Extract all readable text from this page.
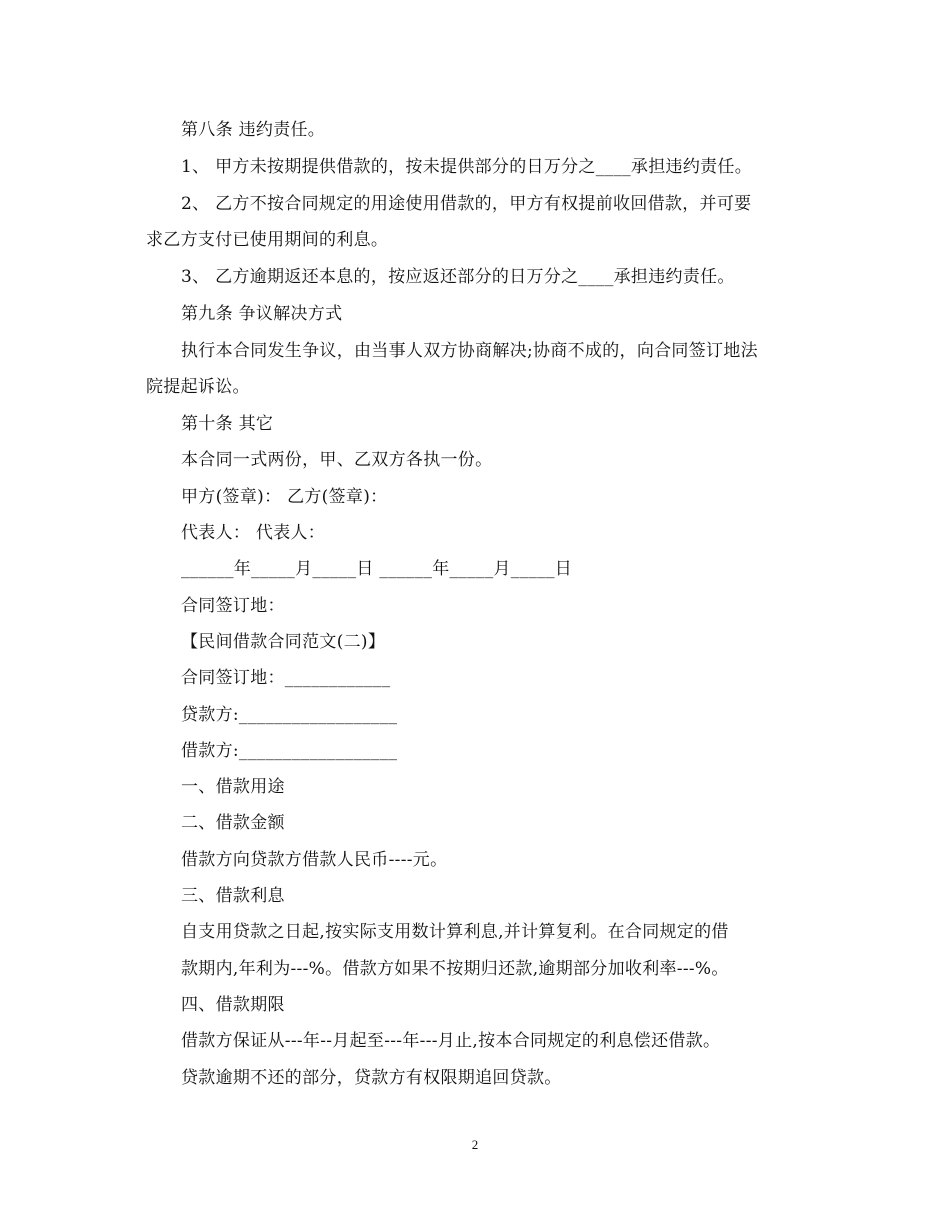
第八条 违约责任。
1、 甲方未按期提供借款的，按未提供部分的日万分之____承担违约责任。
2、 乙方不按合同规定的用途使用借款的，甲方有权提前收回借款，并可要
求乙方支付已使用期间的利息。
3、 乙方逾期返还本息的，按应返还部分的日万分之____承担违约责任。
第九条 争议解决方式
执行本合同发生争议，由当事人双方协商解决;协商不成的，向合同签订地法
院提起诉讼。
第十条 其它
本合同一式两份，甲、乙双方各执一份。
甲方(签章)： 乙方(签章)：
代表人： 代表人：
______年_____月_____日 ______年_____月_____日
合同签订地：
【民间借款合同范文(二)】
合同签订地：____________
贷款方:__________________
借款方:__________________
一、借款用途
二、借款金额
借款方向贷款方借款人民币----元。
三、借款利息
自支用贷款之日起,按实际支用数计算利息,并计算复利。在合同规定的借
款期内,年利为---%。借款方如果不按期归还款,逾期部分加收利率---%。
四、借款期限
借款方保证从---年--月起至---年---月止,按本合同规定的利息偿还借款。
贷款逾期不还的部分，贷款方有权限期追回贷款。
2
